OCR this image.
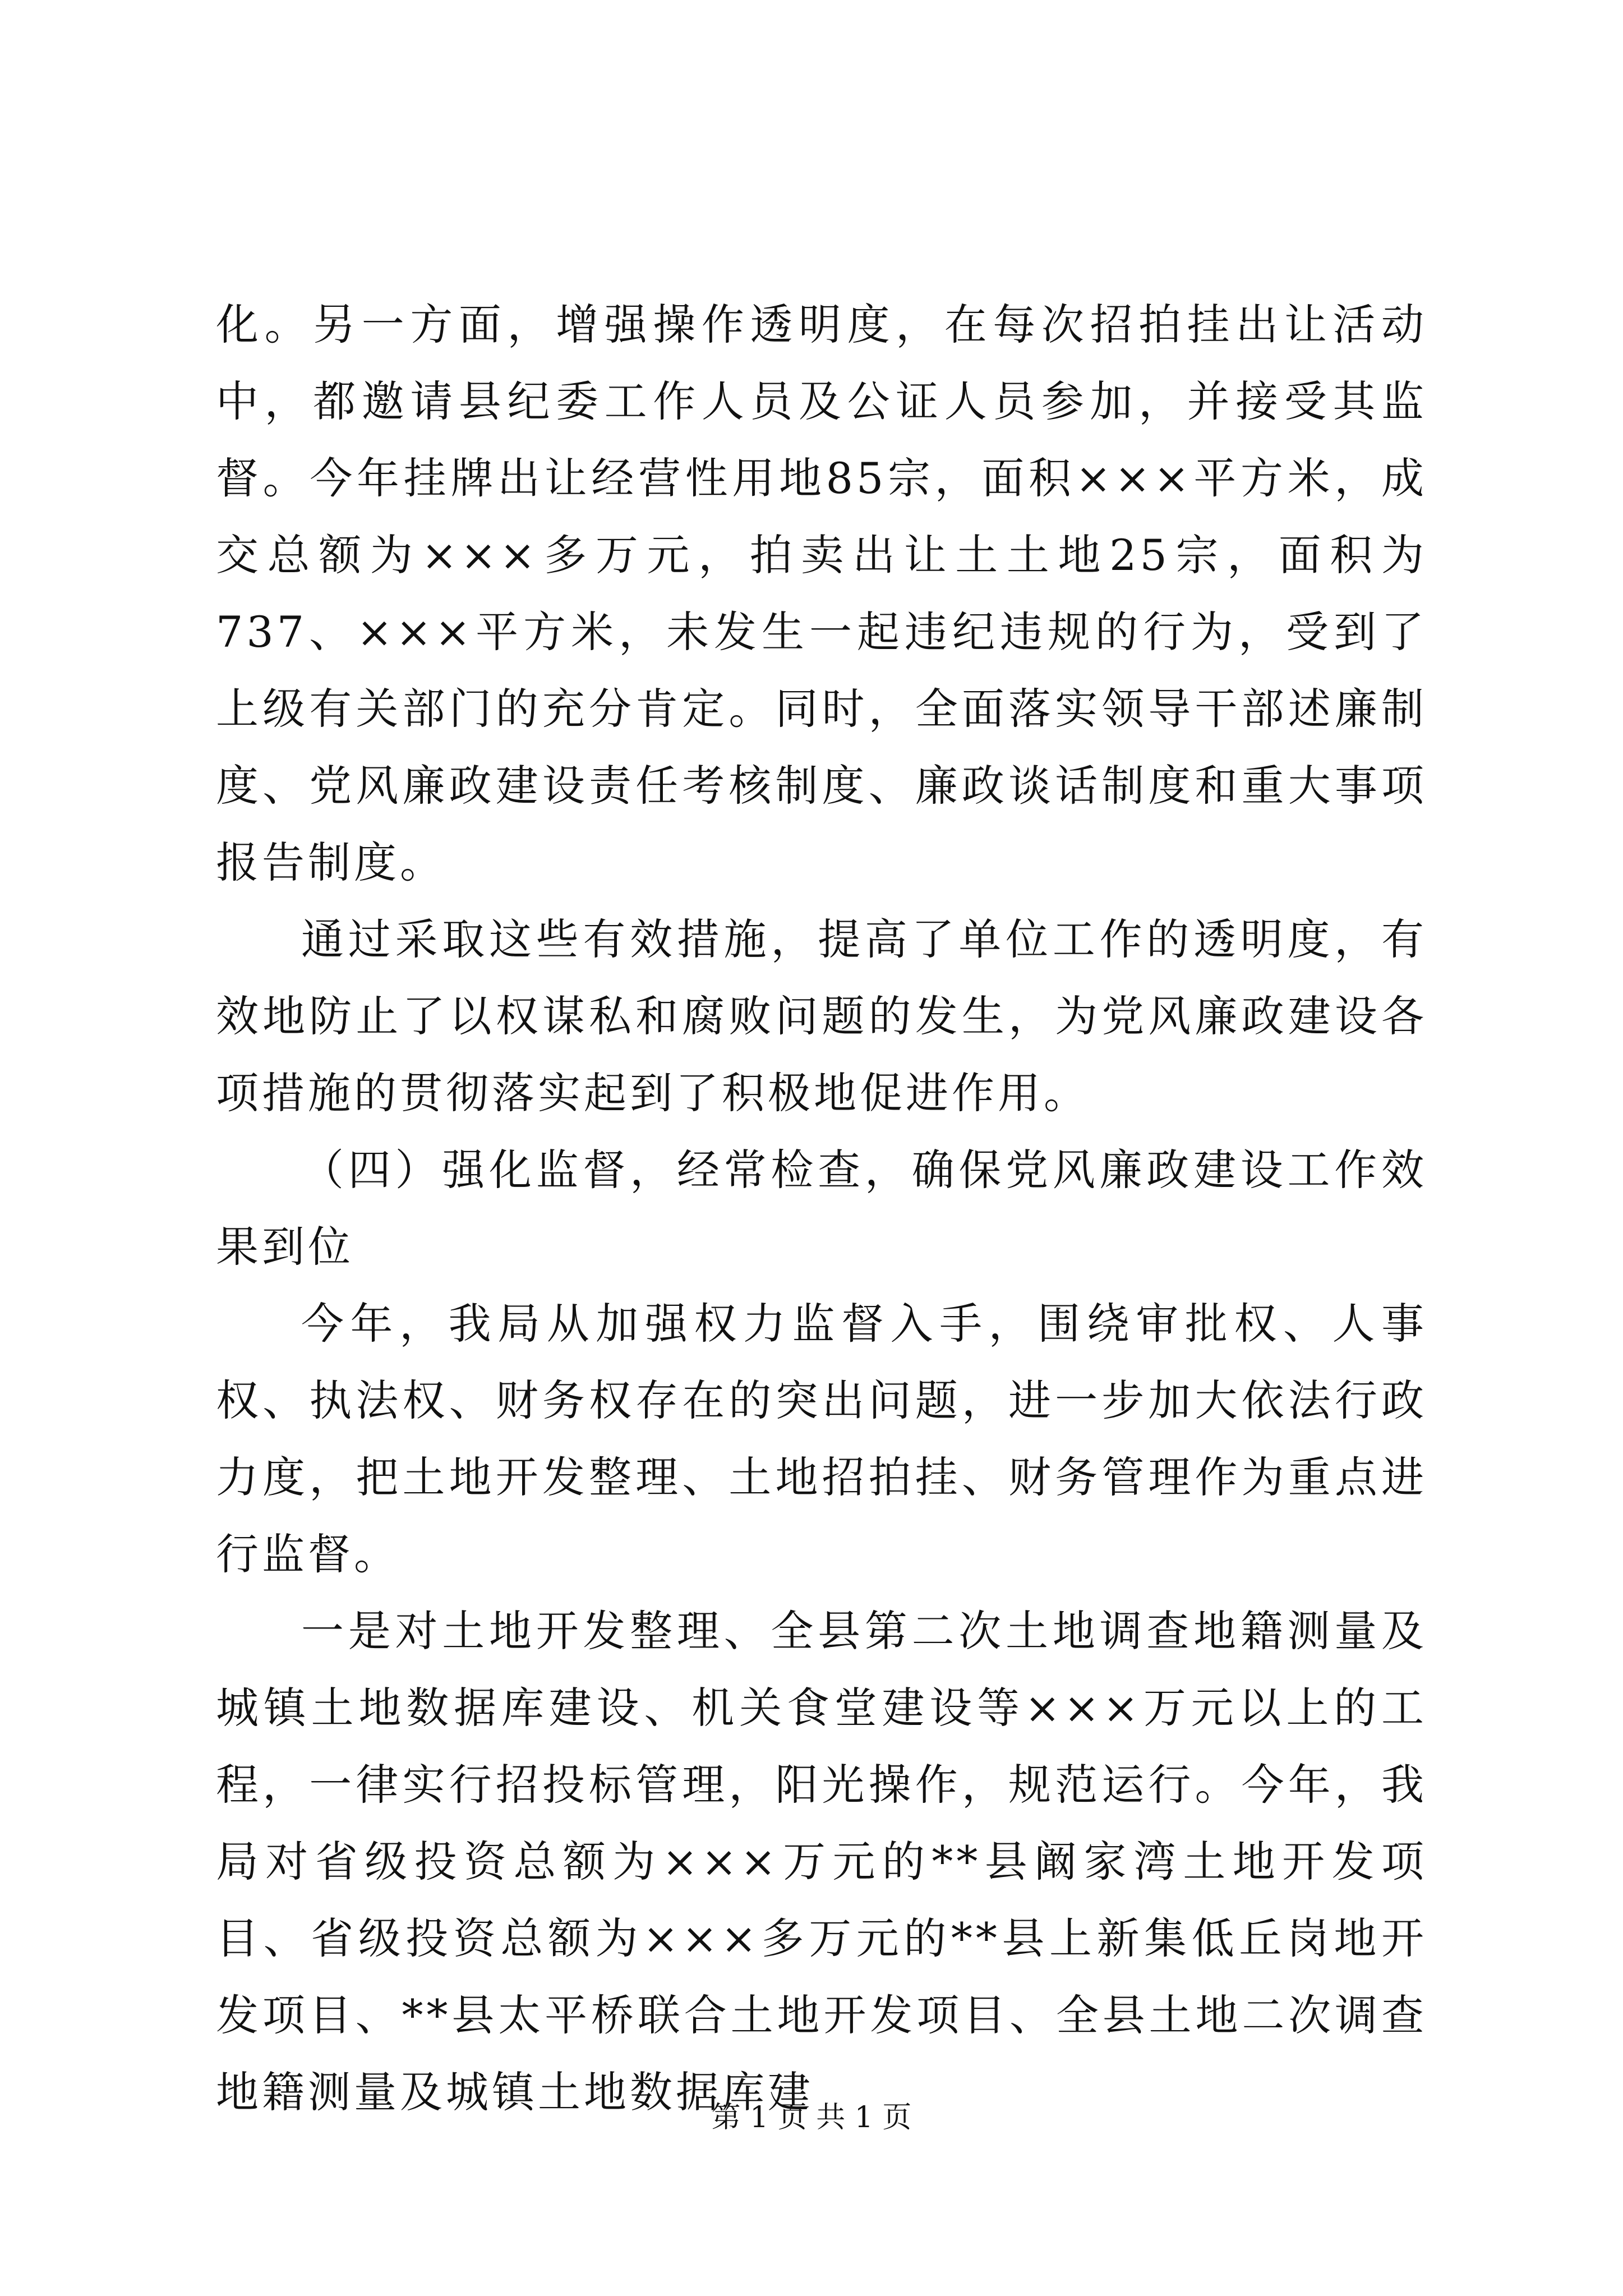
化。另一方面，增强操作透明度，在每次招拍挂出让活动中，都邀请县纪委工作人员及公证人员参加，并接受其监督。今年挂牌出让经营性用地85宗，面积×××平方米，成交总额为×××多万元，拍卖出让土土地25宗，面积为737、×××平方米，未发生一起违纪违规的行为，受到了上级有关部门的充分肯定。同时，全面落实领导干部述廉制度、党风廉政建设责任考核制度、廉政谈话制度和重大事项报告制度。

通过采取这些有效措施，提高了单位工作的透明度，有效地防止了以权谋私和腐败问题的发生，为党风廉政建设各项措施的贯彻落实起到了积极地促进作用。

（四）强化监督，经常检查，确保党风廉政建设工作效果到位

今年，我局从加强权力监督入手，围绕审批权、人事权、执法权、财务权存在的突出问题，进一步加大依法行政力度，把土地开发整理、土地招拍挂、财务管理作为重点进行监督。

一是对土地开发整理、全县第二次土地调查地籍测量及城镇土地数据库建设、机关食堂建设等×××万元以上的工程，一律实行招投标管理，阳光操作，规范运行。今年，我局对省级投资总额为×××万元的**县阚家湾土地开发项目、省级投资总额为×××多万元的**县上新集低丘岗地开发项目、**县太平桥联合土地开发项目、全县土地二次调查地籍测量及城镇土地数据库建

第 1 页 共 1 页
